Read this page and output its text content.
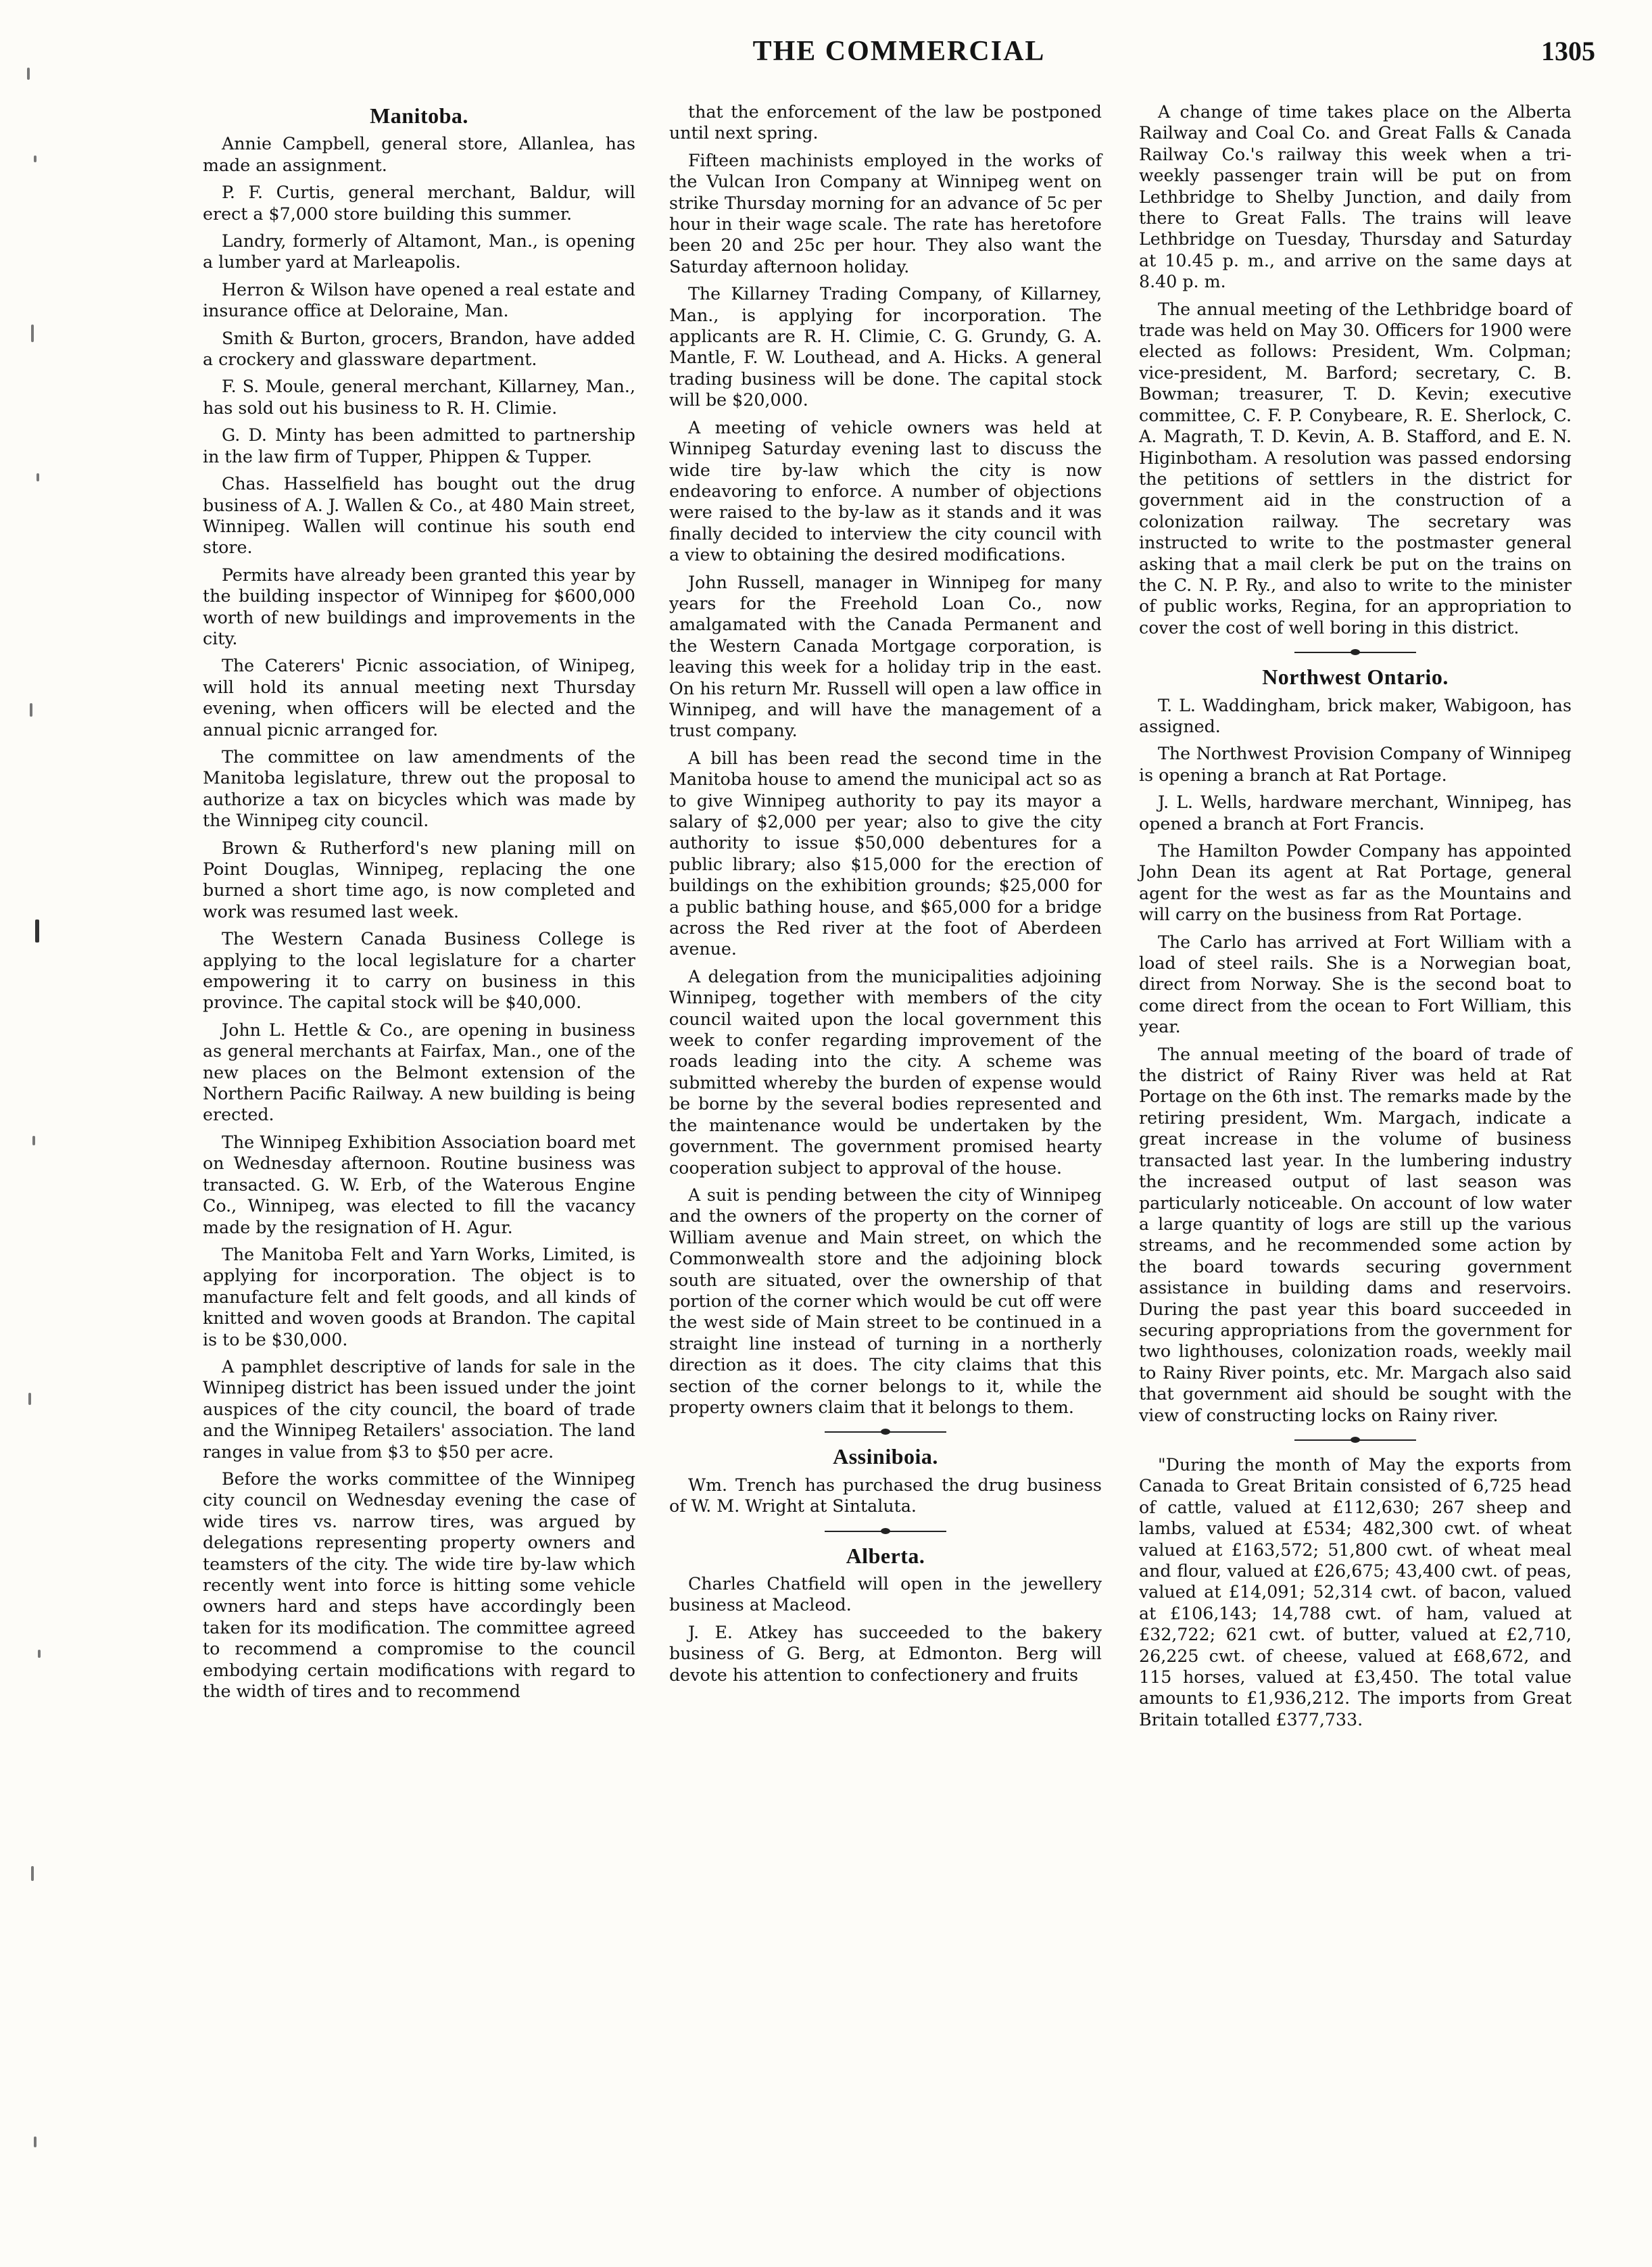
THE COMMERCIAL	1305
Manitoba.

Annie Campbell, general store, Allanlea, has made an assignment.

P. F. Curtis, general merchant, Baldur, will erect a $7,000 store building this summer.

Landry, formerly of Altamont, Man., is opening a lumber yard at Marleapolis.

Herron & Wilson have opened a real estate and insurance office at Deloraine, Man.

Smith & Burton, grocers, Brandon, have added a crockery and glassware department.

F. S. Moule, general merchant, Killarney, Man., has sold out his business to R. H. Climie.

G. D. Minty has been admitted to partnership in the law firm of Tupper, Phippen & Tupper.

Chas. Hasselfield has bought out the drug business of A. J. Wallen & Co., at 480 Main street, Winnipeg. Wallen will continue his south end store.

Permits have already been granted this year by the building inspector of Winnipeg for $600,000 worth of new buildings and improvements in the city.

The Caterers' Picnic association, of Winipeg, will hold its annual meeting next Thursday evening, when officers will be elected and the annual picnic arranged for.

The committee on law amendments of the Manitoba legislature, threw out the proposal to authorize a tax on bicycles which was made by the Winnipeg city council.

Brown & Rutherford's new planing mill on Point Douglas, Winnipeg, replacing the one burned a short time ago, is now completed and work was resumed last week.

The Western Canada Business College is applying to the local legislature for a charter empowering it to carry on business in this province. The capital stock will be $40,000.

John L. Hettle & Co., are opening in business as general merchants at Fairfax, Man., one of the new places on the Belmont extension of the Northern Pacific Railway. A new building is being erected.

The Winnipeg Exhibition Association board met on Wednesday afternoon. Routine business was transacted. G. W. Erb, of the Waterous Engine Co., Winnipeg, was elected to fill the vacancy made by the resignation of H. Agur.

The Manitoba Felt and Yarn Works, Limited, is applying for incorporation. The object is to manufacture felt and felt goods, and all kinds of knitted and woven goods at Brandon. The capital is to be $30,000.

A pamphlet descriptive of lands for sale in the Winnipeg district has been issued under the joint auspices of the city council, the board of trade and the Winnipeg Retailers' association. The land ranges in value from $3 to $50 per acre.

Before the works committee of the Winnipeg city council on Wednesday evening the case of wide tires vs. narrow tires, was argued by delegations representing property owners and teamsters of the city. The wide tire by-law which recently went into force is hitting some vehicle owners hard and steps have accordingly been taken for its modification. The committee agreed to recommend a compromise to the council embodying certain modifications with regard to the width of tires and to recommend

that the enforcement of the law be postponed until next spring.

Fifteen machinists employed in the works of the Vulcan Iron Company at Winnipeg went on strike Thursday morning for an advance of 5c per hour in their wage scale. The rate has heretofore been 20 and 25c per hour. They also want the Saturday afternoon holiday.

The Killarney Trading Company, of Killarney, Man., is applying for incorporation. The applicants are R. H. Climie, C. G. Grundy, G. A. Mantle, F. W. Louthead, and A. Hicks. A general trading business will be done. The capital stock will be $20,000.

A meeting of vehicle owners was held at Winnipeg Saturday evening last to discuss the wide tire by-law which the city is now endeavoring to enforce. A number of objections were raised to the by-law as it stands and it was finally decided to interview the city council with a view to obtaining the desired modifications.

John Russell, manager in Winnipeg for many years for the Freehold Loan Co., now amalgamated with the Canada Permanent and the Western Canada Mortgage corporation, is leaving this week for a holiday trip in the east. On his return Mr. Russell will open a law office in Winnipeg, and will have the management of a trust company.

A bill has been read the second time in the Manitoba house to amend the municipal act so as to give Winnipeg authority to pay its mayor a salary of $2,000 per year; also to give the city authority to issue $50,000 debentures for a public library; also $15,000 for the erection of buildings on the exhibition grounds; $25,000 for a public bathing house, and $65,000 for a bridge across the Red river at the foot of Aberdeen avenue.

A delegation from the municipalities adjoining Winnipeg, together with members of the city council waited upon the local government this week to confer regarding improvement of the roads leading into the city. A scheme was submitted whereby the burden of expense would be borne by the several bodies represented and the maintenance would be undertaken by the government. The government promised hearty cooperation subject to approval of the house.

A suit is pending between the city of Winnipeg and the owners of the property on the corner of William avenue and Main street, on which the Commonwealth store and the adjoining block south are situated, over the ownership of that portion of the corner which would be cut off were the west side of Main street to be continued in a straight line instead of turning in a northerly direction as it does. The city claims that this section of the corner belongs to it, while the property owners claim that it belongs to them.

Assiniboia.

Wm. Trench has purchased the drug business of W. M. Wright at Sintaluta.

Alberta.

Charles Chatfield will open in the jewellery business at Macleod.

J. E. Atkey has succeeded to the bakery business of G. Berg, at Edmonton. Berg will devote his attention to confectionery and fruits

A change of time takes place on the Alberta Railway and Coal Co. and Great Falls & Canada Railway Co.'s railway this week when a tri-weekly passenger train will be put on from Lethbridge to Shelby Junction, and daily from there to Great Falls. The trains will leave Lethbridge on Tuesday, Thursday and Saturday at 10.45 p. m., and arrive on the same days at 8.40 p. m.

The annual meeting of the Lethbridge board of trade was held on May 30. Officers for 1900 were elected as follows: President, Wm. Colpman; vice-president, M. Barford; secretary, C. B. Bowman; treasurer, T. D. Kevin; executive committee, C. F. P. Conybeare, R. E. Sherlock, C. A. Magrath, T. D. Kevin, A. B. Stafford, and E. N. Higinbotham. A resolution was passed endorsing the petitions of settlers in the district for government aid in the construction of a colonization railway. The secretary was instructed to write to the postmaster general asking that a mail clerk be put on the trains on the C. N. P. Ry., and also to write to the minister of public works, Regina, for an appropriation to cover the cost of well boring in this district.

Northwest Ontario.

T. L. Waddingham, brick maker, Wabigoon, has assigned.

The Northwest Provision Company of Winnipeg is opening a branch at Rat Portage.

J. L. Wells, hardware merchant, Winnipeg, has opened a branch at Fort Francis.

The Hamilton Powder Company has appointed John Dean its agent at Rat Portage, general agent for the west as far as the Mountains and will carry on the business from Rat Portage.

The Carlo has arrived at Fort William with a load of steel rails. She is a Norwegian boat, direct from Norway. She is the second boat to come direct from the ocean to Fort William, this year.

The annual meeting of the board of trade of the district of Rainy River was held at Rat Portage on the 6th inst. The remarks made by the retiring president, Wm. Margach, indicate a great increase in the volume of business transacted last year. In the lumbering industry the increased output of last season was particularly noticeable. On account of low water a large quantity of logs are still up the various streams, and he recommended some action by the board towards securing government assistance in building dams and reservoirs. During the past year this board succeeded in securing appropriations from the government for two lighthouses, colonization roads, weekly mail to Rainy River points, etc. Mr. Margach also said that government aid should be sought with the view of constructing locks on Rainy river.

"During the month of May the exports from Canada to Great Britain consisted of 6,725 head of cattle, valued at £112,630; 267 sheep and lambs, valued at £534; 482,300 cwt. of wheat valued at £163,572; 51,800 cwt. of wheat meal and flour, valued at £26,675; 43,400 cwt. of peas, valued at £14,091; 52,314 cwt. of bacon, valued at £106,143; 14,788 cwt. of ham, valued at £32,722; 621 cwt. of butter, valued at £2,710, 26,225 cwt. of cheese, valued at £68,672, and 115 horses, valued at £3,450. The total value amounts to £1,936,212. The imports from Great Britain totalled £377,733.
